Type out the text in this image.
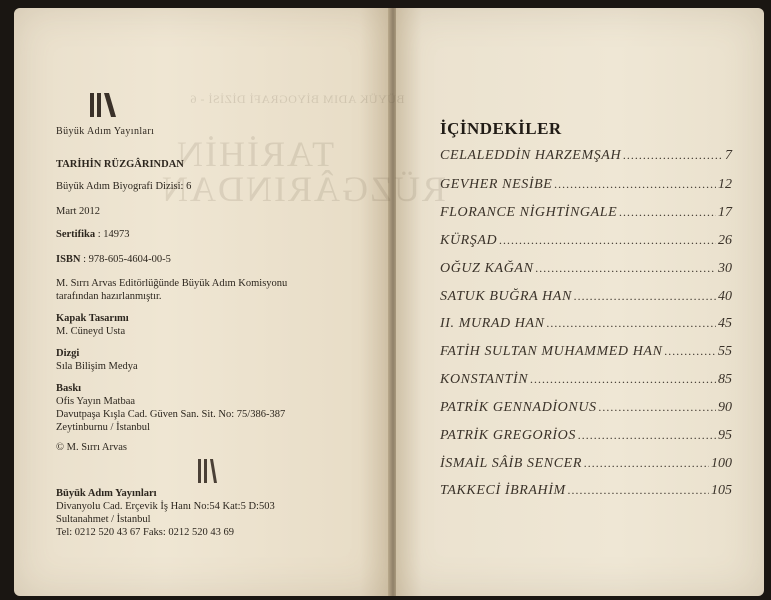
BÜYÜK ADIM BİYOGRAFİ DİZİSİ - 6
TARİHİN
RÜZGÂRINDAN
Büyük Adım Yayınları
TARİHİN RÜZGÂRINDAN
Büyük Adım Biyografi Dizisi: 6
Mart 2012
Sertifika : 14973
ISBN : 978-605-4604-00-5
M. Sırrı Arvas Editörlüğünde Büyük Adım Komisyonu
tarafından hazırlanmıştır.
Kapak Tasarımı
M. Cüneyd Usta
Dizgi
Sıla Bilişim Medya
Baskı
Ofis Yayın Matbaa
Davutpaşa Kışla Cad. Güven San. Sit. No: 75/386-387
Zeytinburnu / İstanbul
© M. Sırrı Arvas
Büyük Adım Yayınları
Divanyolu Cad. Erçevik İş Hanı No:54 Kat:5 D:503
Sultanahmet / İstanbul
Tel: 0212 520 43 67 Faks: 0212 520 43 69
İÇİNDEKİLER
CELALEDDİN HARZEMŞAH .....	7
GEVHER NESİBE .....	12
FLORANCE NİGHTİNGALE .....	17
KÜRŞAD .....	26
OĞUZ KAĞAN .....	30
SATUK BUĞRA HAN .....	40
II. MURAD HAN .....	45
FATİH SULTAN MUHAMMED HAN .....	55
KONSTANTİN .....	85
PATRİK GENNADİONUS .....	90
PATRİK GREGORİOS .....	95
İSMAİL SÂİB SENCER .....	100
TAKKECİ İBRAHİM .....	105
